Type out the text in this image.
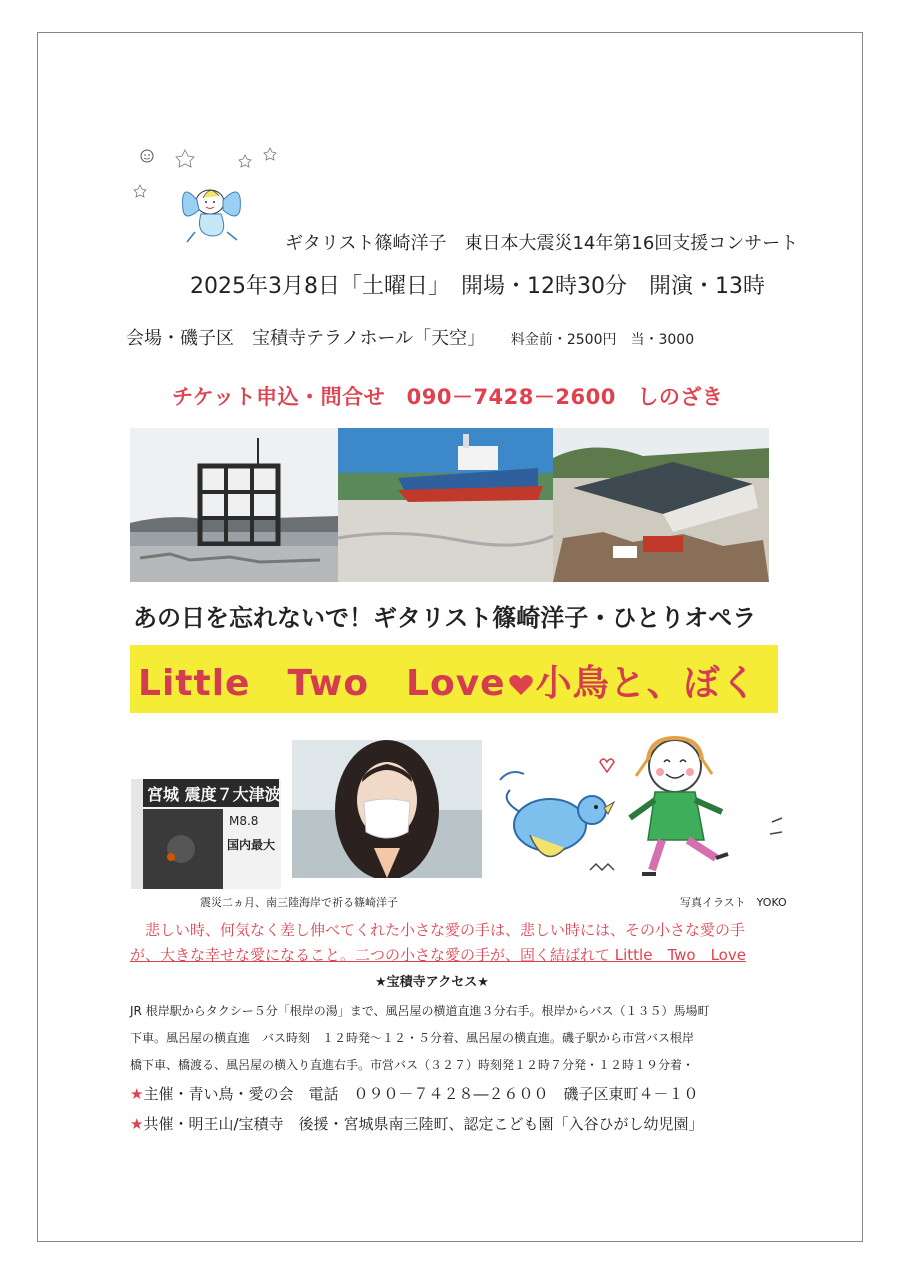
ギタリスト篠崎洋子　東日本大震災14年第16回支援コンサート
2025年3月8日「土曜日」　開場・12時30分　開演・13時
会場・磯子区　宝積寺テラノホール「天空」 料金前・2500円　当・3000
チケット申込・問合せ　090－7428－2600　しのざき
あの日を忘れないで！ギタリスト篠崎洋子・ひとりオペラ
Little　Two　Love 小鳥と、ぼく
宮城 震度７大津波
M8.8
国内最大
震災二ヵ月、南三陸海岸で祈る篠崎洋子	写真イラスト　YOKO
　悲しい時、何気なく差し伸べてくれた小さな愛の手は、悲しい時には、その小さな愛の手
が、大きな幸せな愛になること。二つの小さな愛の手が、固く結ばれて Little　Two　Love
★宝積寺アクセス★
JR 根岸駅からタクシー５分「根岸の湯」まで、風呂屋の横道直進３分右手。根岸からバス（１３５）馬場町
下車。風呂屋の横直進　バス時刻　１２時発～１２・５分着、風呂屋の横直進。磯子駅から市営バス根岸
橋下車、橋渡る、風呂屋の横入り直進右手。市営バス（３２７）時刻発１２時７分発・１２時１９分着・
★主催・青い鳥・愛の会　電話　０９０－７４２８―２６００　磯子区東町４－１０
★共催・明王山/宝積寺　後援・宮城県南三陸町、認定こども園「入谷ひがし幼児園」
